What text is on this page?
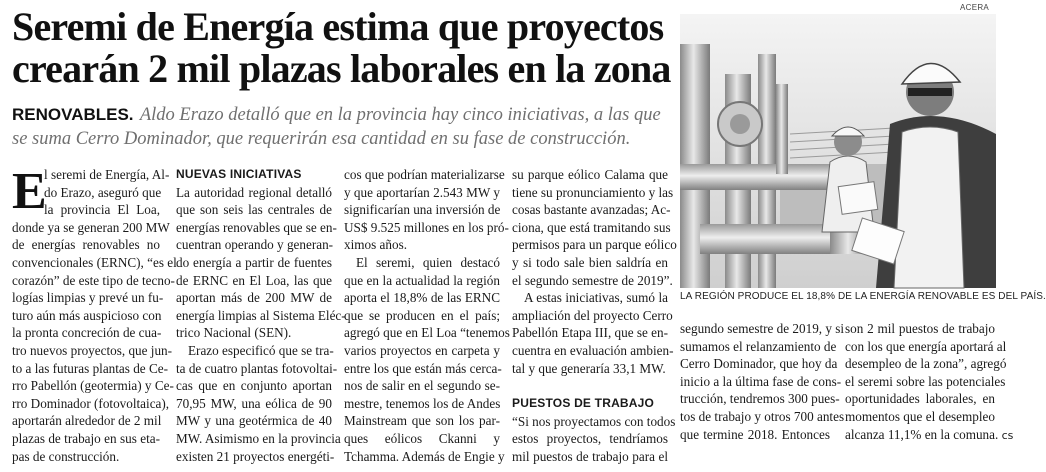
Seremi de Energía estima que proyectos
crearán 2 mil plazas laborales en la zona

RENOVABLES. Aldo Erazo detalló que en la provincia hay cinco iniciativas, a las que se suma Cerro Dominador, que requerirán esa cantidad en su fase de construcción.

ACERA
LA REGIÓN PRODUCE EL 18,8% DE LA ENERGÍA RENOVABLE ES DEL PAÍS.
E
l seremi de Energía, Al-
do Erazo, aseguró que
la provincia El Loa,
donde ya se generan 200 MW
de energías renovables no
convencionales (ERNC), “es el
corazón” de este tipo de tecno-
logías limpias y prevé un fu-
turo aún más auspicioso con
la pronta concreción de cua-
tro nuevos proyectos, que jun-
to a las futuras plantas de Ce-
rro Pabellón (geotermia) y Ce-
rro Dominador (fotovoltaica),
aportarán alrededor de 2 mil
plazas de trabajo en sus eta-
pas de construcción.
NUEVAS INICIATIVAS
La autoridad regional detalló
que son seis las centrales de
energías renovables que se en-
cuentran operando y generan-
do energía a partir de fuentes
de ERNC en El Loa, las que
aportan más de 200 MW de
energía limpias al Sistema Eléc-
trico Nacional (SEN).
Erazo especificó que se tra-
ta de cuatro plantas fotovoltai-
cas que en conjunto aportan
70,95 MW, una eólica de 90
MW y una geotérmica de 40
MW. Asimismo en la provincia
existen 21 proyectos energéti-
cos que podrían materializarse
y que aportarían 2.543 MW y
significarían una inversión de
US$ 9.525 millones en los pró-
ximos años.
El seremi, quien destacó
que en la actualidad la región
aporta el 18,8% de las ERNC
que se producen en el país;
agregó que en El Loa “tenemos
varios proyectos en carpeta y
entre los que están más cerca-
nos de salir en el segundo se-
mestre, tenemos los de Andes
Mainstream que son los par-
ques eólicos Ckanni y
Tchamma. Además de Engie y
su parque eólico Calama que
tiene su pronunciamiento y las
cosas bastante avanzadas; Ac-
ciona, que está tramitando sus
permisos para un parque eólico
y si todo sale bien saldría en
el segundo semestre de 2019”.
A estas iniciativas, sumó la
ampliación del proyecto Cerro
Pabellón Etapa III, que se en-
cuentra en evaluación ambien-
tal y que generaría 33,1 MW.
PUESTOS DE TRABAJO
“Si nos proyectamos con todos
estos proyectos, tendríamos
mil puestos de trabajo para el
segundo semestre de 2019, y si
sumamos el relanzamiento de
Cerro Dominador, que hoy da
inicio a la última fase de cons-
trucción, tendremos 300 pues-
tos de trabajo y otros 700 antes
que termine 2018. Entonces
son 2 mil puestos de trabajo
con los que energía aportará al
desempleo de la zona”, agregó
el seremi sobre las potenciales
oportunidades laborales, en
momentos que el desempleo
alcanza 11,1% en la comuna. cs
